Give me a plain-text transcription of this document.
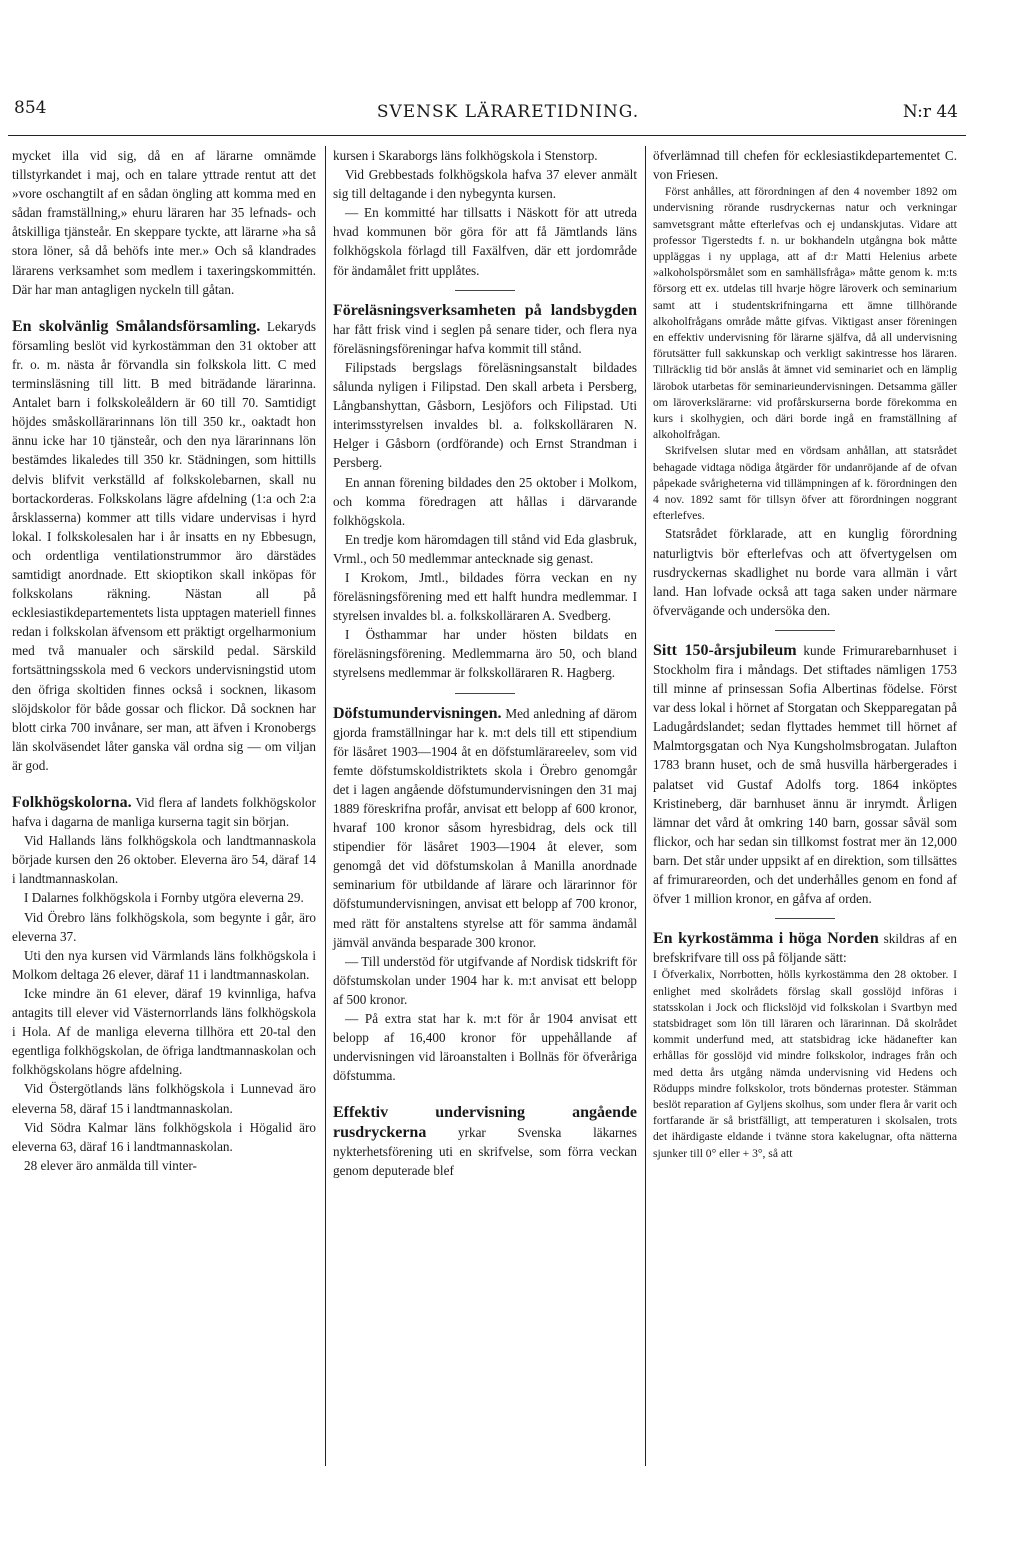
854	SVENSK LÄRARETIDNING.	N:r 44

mycket illa vid sig, då en af lärarne omnämde tillstyrkandet i maj, och en talare yttrade rentut att det »vore oschangtilt af en sådan öngling att komma med en sådan framställning,» ehuru läraren har 35 lefnads- och åtskilliga tjänsteår. En skeppare tyckte, att lärarne »ha så stora löner, så då behöfs inte mer.» Och så klandrades lärarens verksamhet som medlem i taxeringskommittén. Där har man antagligen nyckeln till gåtan.

En skolvänlig Smålandsförsamling. Lekaryds församling beslöt vid kyrkostämman den 31 oktober att fr. o. m. nästa år förvandla sin folkskola litt. C med terminsläsning till litt. B med biträdande lärarinna. Antalet barn i folkskoleåldern är 60 till 70. Samtidigt höjdes småskollärarinnans lön till 350 kr., oaktadt hon ännu icke har 10 tjänsteår, och den nya lärarinnans lön bestämdes likaledes till 350 kr. Städningen, som hittills delvis blifvit verkställd af folkskolebarnen, skall nu bortackorderas. Folkskolans lägre afdelning (1:a och 2:a årsklasserna) kommer att tills vidare undervisas i hyrd lokal. I folkskolesalen har i år insatts en ny Ebbesugn, och ordentliga ventilationstrummor äro därstädes samtidigt anordnade. Ett skioptikon skall inköpas för folkskolans räkning. Nästan all på ecklesiastikdepartementets lista upptagen materiell finnes redan i folkskolan äfvensom ett präktigt orgelharmonium med två manualer och särskild pedal. Särskild fortsättningsskola med 6 veckors undervisningstid utom den öfriga skoltiden finnes också i socknen, likasom slöjdskolor för både gossar och flickor. Då socknen har blott cirka 700 invånare, ser man, att äfven i Kronobergs län skolväsendet låter ganska väl ordna sig — om viljan är god.

Folkhögskolorna. Vid flera af landets folkhögskolor hafva i dagarna de manliga kurserna tagit sin början.

Vid Hallands läns folkhögskola och landtmannaskola började kursen den 26 oktober. Eleverna äro 54, däraf 14 i landtmannaskolan.

I Dalarnes folkhögskola i Fornby utgöra eleverna 29.

Vid Örebro läns folkhögskola, som begynte i går, äro eleverna 37.

Uti den nya kursen vid Värmlands läns folkhögskola i Molkom deltaga 26 elever, däraf 11 i landtmannaskolan.

Icke mindre än 61 elever, däraf 19 kvinnliga, hafva antagits till elever vid Västernorrlands läns folkhögskola i Hola. Af de manliga eleverna tillhöra ett 20-tal den egentliga folkhögskolan, de öfriga landtmannaskolan och folkhögskolans högre afdelning.

Vid Östergötlands läns folkhögskola i Lunnevad äro eleverna 58, däraf 15 i landtmannaskolan.

Vid Södra Kalmar läns folkhögskola i Högalid äro eleverna 63, däraf 16 i landtmannaskolan.

28 elever äro anmälda till vinter-

kursen i Skaraborgs läns folkhögskola i Stenstorp.

Vid Grebbestads folkhögskola hafva 37 elever anmält sig till deltagande i den nybegynta kursen.

— En kommitté har tillsatts i Näskott för att utreda hvad kommunen bör göra för att få Jämtlands läns folkhögskola förlagd till Faxälfven, där ett jordområde för ändamålet fritt upplåtes.

Föreläsningsverksamheten på landsbygden har fått frisk vind i seglen på senare tider, och flera nya föreläsningsföreningar hafva kommit till stånd.

Filipstads bergslags föreläsningsanstalt bildades sålunda nyligen i Filipstad. Den skall arbeta i Persberg, Långbanshyttan, Gåsborn, Lesjöfors och Filipstad. Uti interimsstyrelsen invaldes bl. a. folkskolläraren N. Helger i Gåsborn (ordförande) och Ernst Strandman i Persberg.

En annan förening bildades den 25 oktober i Molkom, och komma föredragen att hållas i därvarande folkhögskola.

En tredje kom häromdagen till stånd vid Eda glasbruk, Vrml., och 50 medlemmar antecknade sig genast.

I Krokom, Jmtl., bildades förra veckan en ny föreläsningsförening med ett halft hundra medlemmar. I styrelsen invaldes bl. a. folkskolläraren A. Svedberg.

I Östhammar har under hösten bildats en föreläsningsförening. Medlemmarna äro 50, och bland styrelsens medlemmar är folkskolläraren R. Hagberg.

Döfstumundervisningen. Med anledning af därom gjorda framställningar har k. m:t dels till ett stipendium för läsåret 1903—1904 åt en döfstumlärareelev, som vid femte döfstumskoldistriktets skola i Örebro genomgår det i lagen angående döfstumundervisningen den 31 maj 1889 föreskrifna profår, anvisat ett belopp af 600 kronor, hvaraf 100 kronor såsom hyresbidrag, dels ock till stipendier för läsåret 1903—1904 åt elever, som genomgå det vid döfstumskolan å Manilla anordnade seminarium för utbildande af lärare och lärarinnor för döfstumundervisningen, anvisat ett belopp af 700 kronor, med rätt för anstaltens styrelse att för samma ändamål jämväl använda besparade 300 kronor.

— Till understöd för utgifvande af Nordisk tidskrift för döfstumskolan under 1904 har k. m:t anvisat ett belopp af 500 kronor.

— På extra stat har k. m:t för år 1904 anvisat ett belopp af 16,400 kronor för uppehållande af undervisningen vid läroanstalten i Bollnäs för öfveråriga döfstumma.

Effektiv undervisning angående rusdryckerna yrkar Svenska läkarnes nykterhetsförening uti en skrifvelse, som förra veckan genom deputerade blef

öfverlämnad till chefen för ecklesiastikdepartementet C. von Friesen.

Först anhålles, att förordningen af den 4 november 1892 om undervisning rörande rusdryckernas natur och verkningar samvetsgrant måtte efterlefvas och ej undanskjutas. Vidare att professor Tigerstedts f. n. ur bokhandeln utgångna bok måtte uppläggas i ny upplaga, att af d:r Matti Helenius arbete »alkoholspörsmålet som en samhällsfråga» måtte genom k. m:ts försorg ett ex. utdelas till hvarje högre läroverk och seminarium samt att i studentskrifningarna ett ämne tillhörande alkoholfrågans område måtte gifvas. Viktigast anser föreningen en effektiv undervisning för lärarne själfva, då all undervisning förutsätter full sakkunskap och verkligt sakintresse hos läraren. Tillräcklig tid bör anslås åt ämnet vid seminariet och en lämplig lärobok utarbetas för seminarieundervisningen. Detsamma gäller om läroverkslärarne: vid profårskurserna borde förekomma en kurs i skolhygien, och däri borde ingå en framställning af alkoholfrågan.

Skrifvelsen slutar med en vördsam anhållan, att statsrådet behagade vidtaga nödiga åtgärder för undanröjande af de ofvan påpekade svårigheterna vid tillämpningen af k. förordningen den 4 nov. 1892 samt för tillsyn öfver att förordningen noggrant efterlefves.

Statsrådet förklarade, att en kunglig förordning naturligtvis bör efterlefvas och att öfvertygelsen om rusdryckernas skadlighet nu borde vara allmän i vårt land. Han lofvade också att taga saken under närmare öfvervägande och undersöka den.

Sitt 150-årsjubileum kunde Frimurarebarnhuset i Stockholm fira i måndags. Det stiftades nämligen 1753 till minne af prinsessan Sofia Albertinas födelse. Först var dess lokal i hörnet af Storgatan och Skepparegatan på Ladugårdslandet; sedan flyttades hemmet till hörnet af Malmtorgsgatan och Nya Kungsholmsbrogatan. Julafton 1783 brann huset, och de små husvilla härbergerades i palatset vid Gustaf Adolfs torg. 1864 inköptes Kristineberg, där barnhuset ännu är inrymdt. Årligen lämnar det vård åt omkring 140 barn, gossar såväl som flickor, och har sedan sin tillkomst fostrat mer än 12,000 barn. Det står under uppsikt af en direktion, som tillsättes af frimurareorden, och det underhålles genom en fond af öfver 1 million kronor, en gåfva af orden.

En kyrkostämma i höga Norden skildras af en brefskrifvare till oss på följande sätt:

I Öfverkalix, Norrbotten, hölls kyrkostämma den 28 oktober. I enlighet med skolrådets förslag skall gosslöjd införas i statsskolan i Jock och flickslöjd vid folkskolan i Svartbyn med statsbidraget som lön till läraren och lärarinnan. Då skolrådet kommit underfund med, att statsbidrag icke hädanefter kan erhållas för gosslöjd vid mindre folkskolor, indrages från och med detta års utgång nämda undervisning vid Hedens och Rödupps mindre folkskolor, trots böndernas protester. Stämman beslöt reparation af Gyljens skolhus, som under flera år varit och fortfarande är så bristfälligt, att temperaturen i skolsalen, trots det ihärdigaste eldande i tvänne stora kakelugnar, ofta nätterna sjunker till 0° eller + 3°, så att
